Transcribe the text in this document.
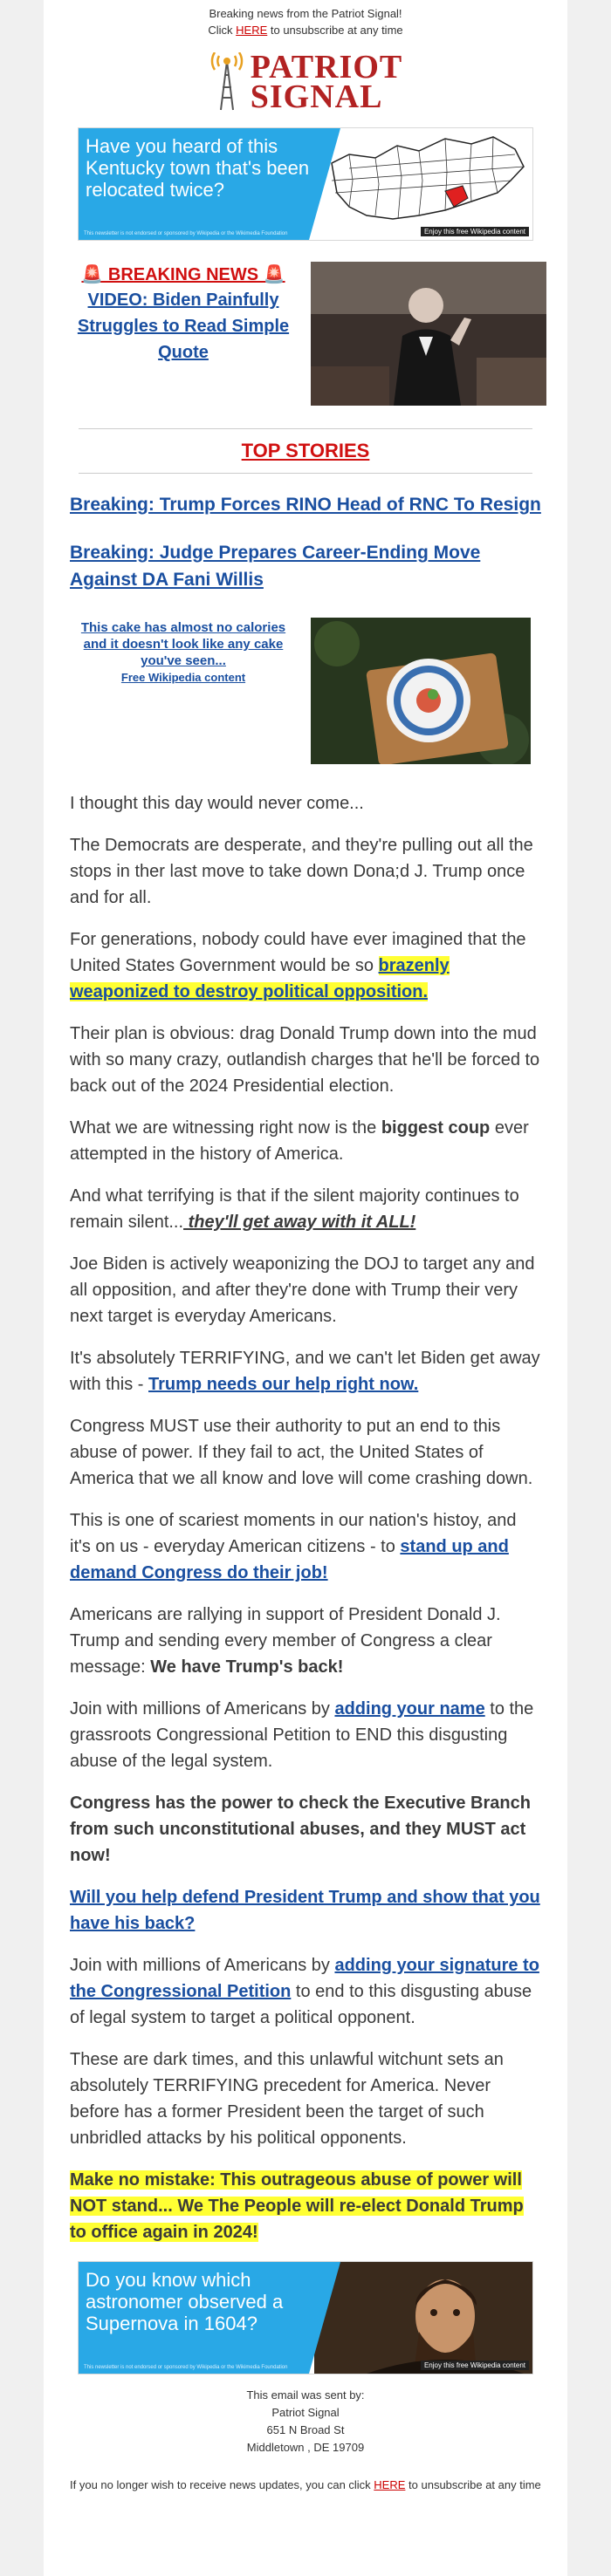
Breaking news from the Patriot Signal!
Click HERE to unsubscribe at any time
PATRIOT
SIGNAL
Have you heard of this Kentucky town that's been relocated twice?
This newsletter is not endorsed or sponsored by Wikipedia or the Wikimedia Foundation	Enjoy this free Wikipedia content
🚨 BREAKING NEWS 🚨
VIDEO: Biden Painfully Struggles to Read Simple Quote
TOP STORIES
Breaking: Trump Forces RINO Head of RNC To Resign
Breaking: Judge Prepares Career-Ending Move Against DA Fani Willis
This cake has almost no calories and it doesn't look like any cake you've seen...
Free Wikipedia content

I thought this day would never come...

The Democrats are desperate, and they're pulling out all the stops in ther last move to take down Dona;d J. Trump once and for all.

For generations, nobody could have ever imagined that the United States Government would be so brazenly weaponized to destroy political opposition.

Their plan is obvious: drag Donald Trump down into the mud with so many crazy, outlandish charges that he'll be forced to back out of the 2024 Presidential election.

What we are witnessing right now is the biggest coup ever attempted in the history of America.

And what terrifying is that if the silent majority continues to remain silent... they'll get away with it ALL!

Joe Biden is actively weaponizing the DOJ to target any and all opposition, and after they're done with Trump their very next target is everyday Americans.

It's absolutely TERRIFYING, and we can't let Biden get away with this - Trump needs our help right now.

Congress MUST use their authority to put an end to this abuse of power. If they fail to act, the United States of America that we all know and love will come crashing down.

This is one of scariest moments in our nation's histoy, and it's on us - everyday American citizens - to stand up and demand Congress do their job!

Americans are rallying in support of President Donald J. Trump and sending every member of Congress a clear message: We have Trump's back!

Join with millions of Americans by adding your name to the grassroots Congressional Petition to END this disgusting abuse of the legal system.

Congress has the power to check the Executive Branch from such unconstitutional abuses, and they MUST act now!

Will you help defend President Trump and show that you have his back?

Join with millions of Americans by adding your signature to the Congressional Petition to end to this disgusting abuse of legal system to target a political opponent.

These are dark times, and this unlawful witchunt sets an absolutely TERRIFYING precedent for America. Never before has a former President been the target of such unbridled attacks by his political opponents.

Make no mistake: This outrageous abuse of power will NOT stand... We The People will re-elect Donald Trump to office again in 2024!

Do you know which astronomer observed a Supernova in 1604?
This newsletter is not endorsed or sponsored by Wikipedia or the Wikimedia Foundation	Enjoy this free Wikipedia content
This email was sent by:
Patriot Signal
651 N Broad St
Middletown , DE 19709
If you no longer wish to receive news updates, you can click HERE to unsubscribe at any time
